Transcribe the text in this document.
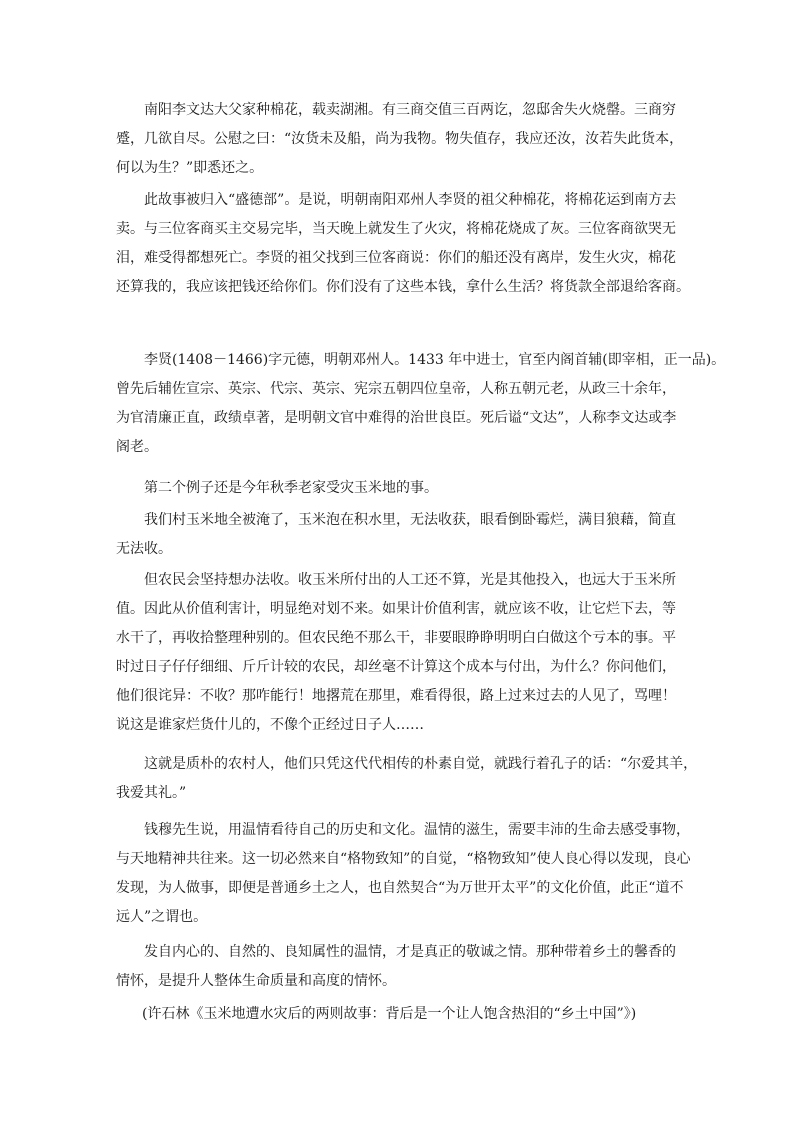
南阳李文达大父家种棉花，载卖湖湘。有三商交值三百两讫，忽邸舍失火烧罄。三商穷
蹙，几欲自尽。公慰之曰：“汝货未及船，尚为我物。物失值存，我应还汝，汝若失此货本，
何以为生？”即悉还之。
此故事被归入“盛德部”。是说，明朝南阳邓州人李贤的祖父种棉花，将棉花运到南方去
卖。与三位客商买主交易完毕，当天晚上就发生了火灾，将棉花烧成了灰。三位客商欲哭无
泪，难受得都想死亡。李贤的祖父找到三位客商说：你们的船还没有离岸，发生火灾，棉花
还算我的，我应该把钱还给你们。你们没有了这些本钱，拿什么生活？将货款全部退给客商。
李贤(1408－1466)字元德，明朝邓州人。1433 年中进士，官至内阁首辅(即宰相，正一品)。
曾先后辅佐宣宗、英宗、代宗、英宗、宪宗五朝四位皇帝，人称五朝元老，从政三十余年，
为官清廉正直，政绩卓著，是明朝文官中难得的治世良臣。死后谥“文达”，人称李文达或李
阁老。
第二个例子还是今年秋季老家受灾玉米地的事。
我们村玉米地全被淹了，玉米泡在积水里，无法收获，眼看倒卧霉烂，满目狼藉，简直
无法收。
但农民会坚持想办法收。收玉米所付出的人工还不算，光是其他投入，也远大于玉米所
值。因此从价值利害计，明显绝对划不来。如果计价值利害，就应该不收，让它烂下去，等
水干了，再收拾整理种别的。但农民绝不那么干，非要眼睁睁明明白白做这个亏本的事。平
时过日子仔仔细细、斤斤计较的农民，却丝毫不计算这个成本与付出，为什么？你问他们，
他们很诧异：不收？那咋能行！地撂荒在那里，难看得很，路上过来过去的人见了，骂哩！
说这是谁家烂货什儿的，不像个正经过日子人……
这就是质朴的农村人，他们只凭这代代相传的朴素自觉，就践行着孔子的话：“尔爱其羊，
我爱其礼。”
钱穆先生说，用温情看待自己的历史和文化。温情的滋生，需要丰沛的生命去感受事物，
与天地精神共往来。这一切必然来自“格物致知”的自觉，“格物致知”使人良心得以发现，良心
发现，为人做事，即便是普通乡土之人，也自然契合“为万世开太平”的文化价值，此正“道不
远人”之谓也。
发自内心的、自然的、良知属性的温情，才是真正的敬诚之情。那种带着乡土的馨香的
情怀，是提升人整体生命质量和高度的情怀。
(许石林《玉米地遭水灾后的两则故事：背后是一个让人饱含热泪的“乡土中国”》)
